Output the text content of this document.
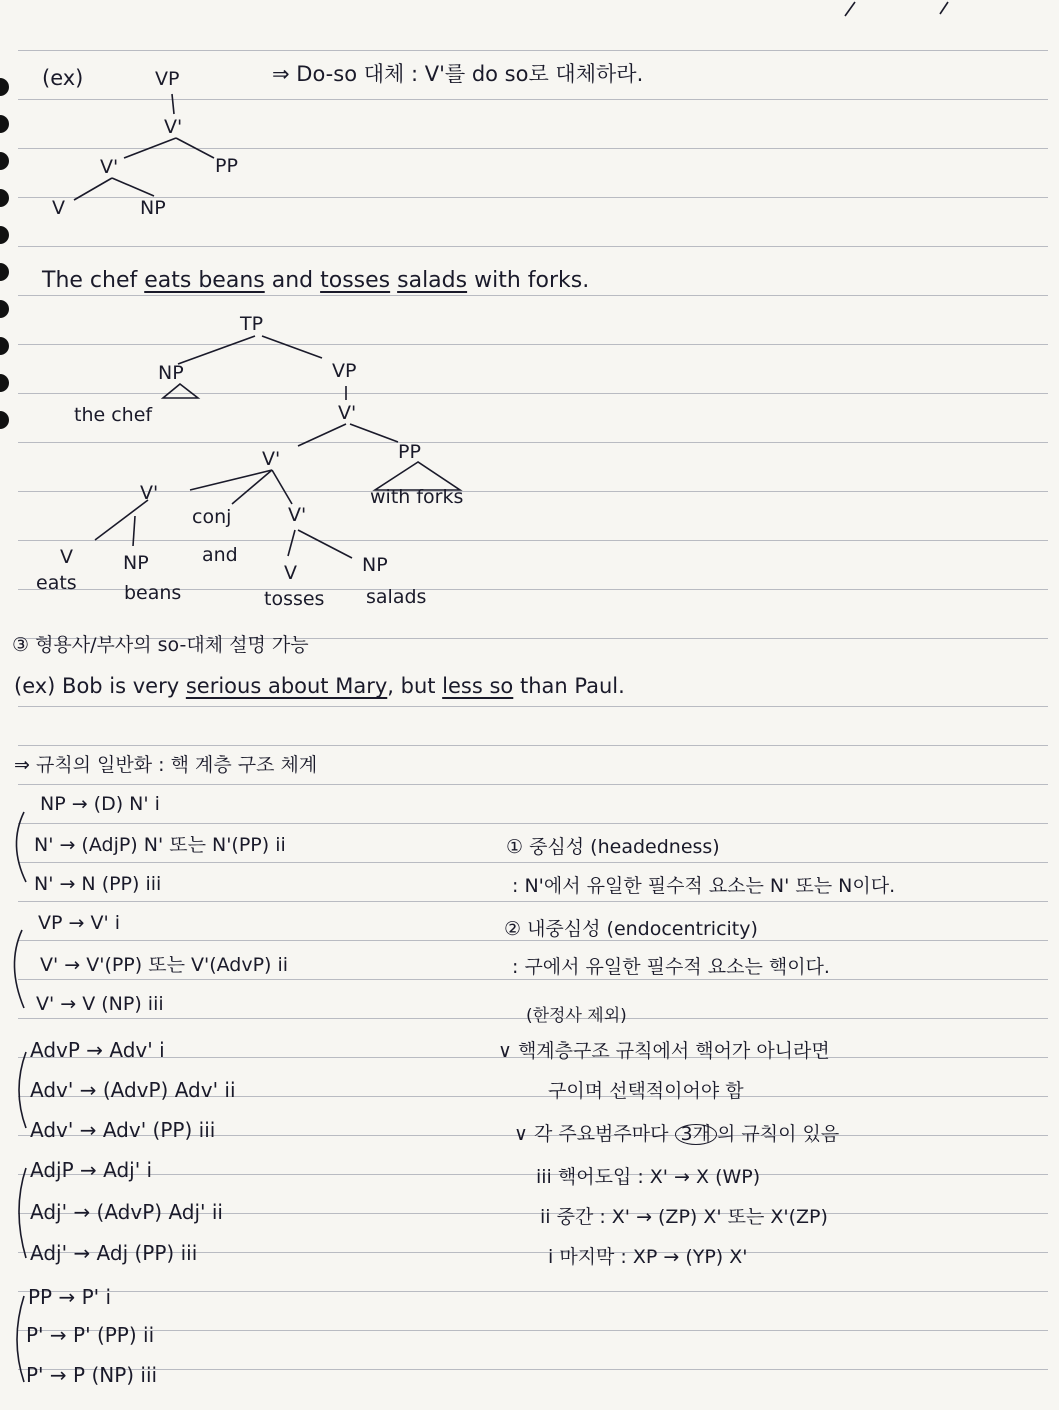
(ex)	VP	⇒ Do-so 대체 : V'를 do so로 대체하라.
V'
V'	PP
V	NP
The chef eats beans and tosses salads with forks.
TP
NP	VP
the chef	V'
V'	PP
with forks
V'
conj	V'
V	NP	and	NP
eats beans
V
tosses salads
③ 형용사/부사의 so-대체 설명 가능
(ex) Bob is very serious about Mary, but less so than Paul.
⇒ 규칙의 일반화 : 핵 계층 구조 체계
NP → (D) N' i
N' → (AdjP) N' 또는 N'(PP) ii
N' → N (PP) iii
VP → V' i
V' → V'(PP) 또는 V'(AdvP) ii
V' → V (NP) iii
AdvP → Adv' i
Adv' → (AdvP) Adv' ii
Adv' → Adv' (PP) iii
AdjP → Adj' i
Adj' → (AdvP) Adj' ii
Adj' → Adj (PP) iii
PP → P' i
P' → P' (PP) ii
P' → P (NP) iii
① 중심성 (headedness)
: N'에서 유일한 필수적 요소는 N' 또는 N이다.
② 내중심성 (endocentricity)
: 구에서 유일한 필수적 요소는 핵이다.
(한정사 제외)
∨ 핵계층구조 규칙에서 핵어가 아니라면
구이며 선택적이어야 함
∨ 각 주요범주마다 3개 의 규칙이 있음
iii 핵어도입 : X' → X (WP)
ii 중간 : X' → (ZP) X' 또는 X'(ZP)
i 마지막 : XP → (YP) X'
